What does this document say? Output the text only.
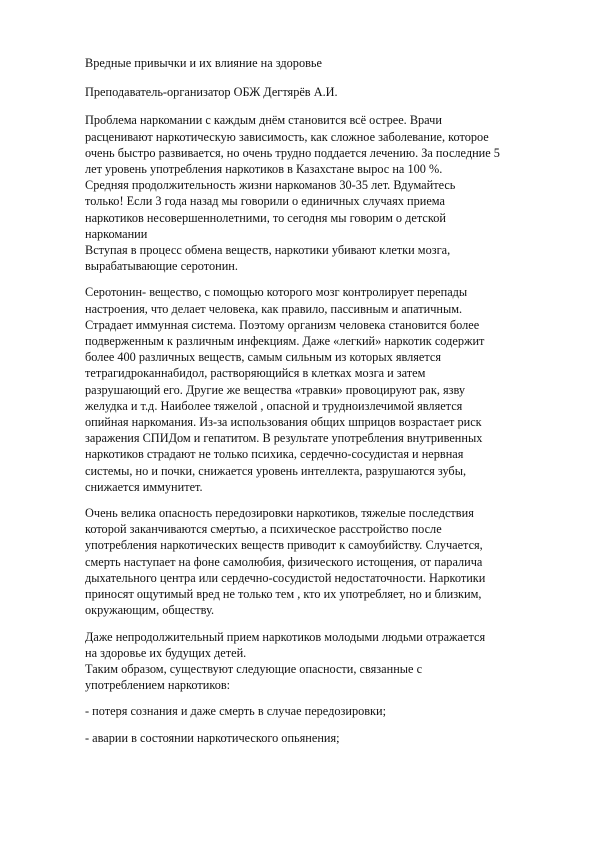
Вредные привычки и их влияние на здоровье
Преподаватель-организатор ОБЖ Дегтярёв А.И.
Проблема наркомании с каждым днём становится всё острее. Врачи
расценивают наркотическую зависимость, как сложное заболевание, которое
очень быстро развивается, но очень трудно поддается лечению. За последние 5
лет уровень употребления наркотиков в Казахстане вырос на 100 %.
Средняя продолжительность жизни наркоманов 30-35 лет. Вдумайтесь
только! Если 3 года назад мы говорили о единичных случаях приема
наркотиков несовершеннолетними, то сегодня мы говорим о детской
наркомании
Вступая в процесс обмена веществ, наркотики убивают клетки мозга,
вырабатывающие серотонин.
Серотонин- вещество, с помощью которого мозг контролирует перепады
настроения, что делает человека, как правило, пассивным и апатичным.
Страдает иммунная система. Поэтому организм человека становится более
подверженным к различным инфекциям. Даже «легкий» наркотик содержит
более 400 различных веществ, самым сильным из которых является
тетрагидроканнабидол, растворяющийся в клетках мозга и затем
разрушающий его. Другие же вещества «травки» провоцируют рак, язву
желудка и т.д. Наиболее тяжелой , опасной и трудноизлечимой является
опийная наркомания. Из-за использования общих шприцов возрастает риск
заражения СПИДом и гепатитом. В результате употребления внутривенных
наркотиков страдают не только психика, сердечно-сосудистая и нервная
системы, но и почки, снижается уровень интеллекта, разрушаются зубы,
снижается иммунитет.
Очень велика опасность передозировки наркотиков, тяжелые последствия
которой заканчиваются смертью, а психическое расстройство после
употребления наркотических веществ приводит к самоубийству. Случается,
смерть наступает на фоне самолюбия, физического истощения, от паралича
дыхательного центра или сердечно-сосудистой недостаточности. Наркотики
приносят ощутимый вред не только тем , кто их употребляет, но и близким,
окружающим, обществу.
Даже непродолжительный прием наркотиков молодыми людьми отражается
на здоровье их будущих детей.
Таким образом, существуют следующие опасности, связанные с
употреблением наркотиков:
- потеря сознания и даже смерть в случае передозировки;
- аварии в состоянии наркотического опьянения;
